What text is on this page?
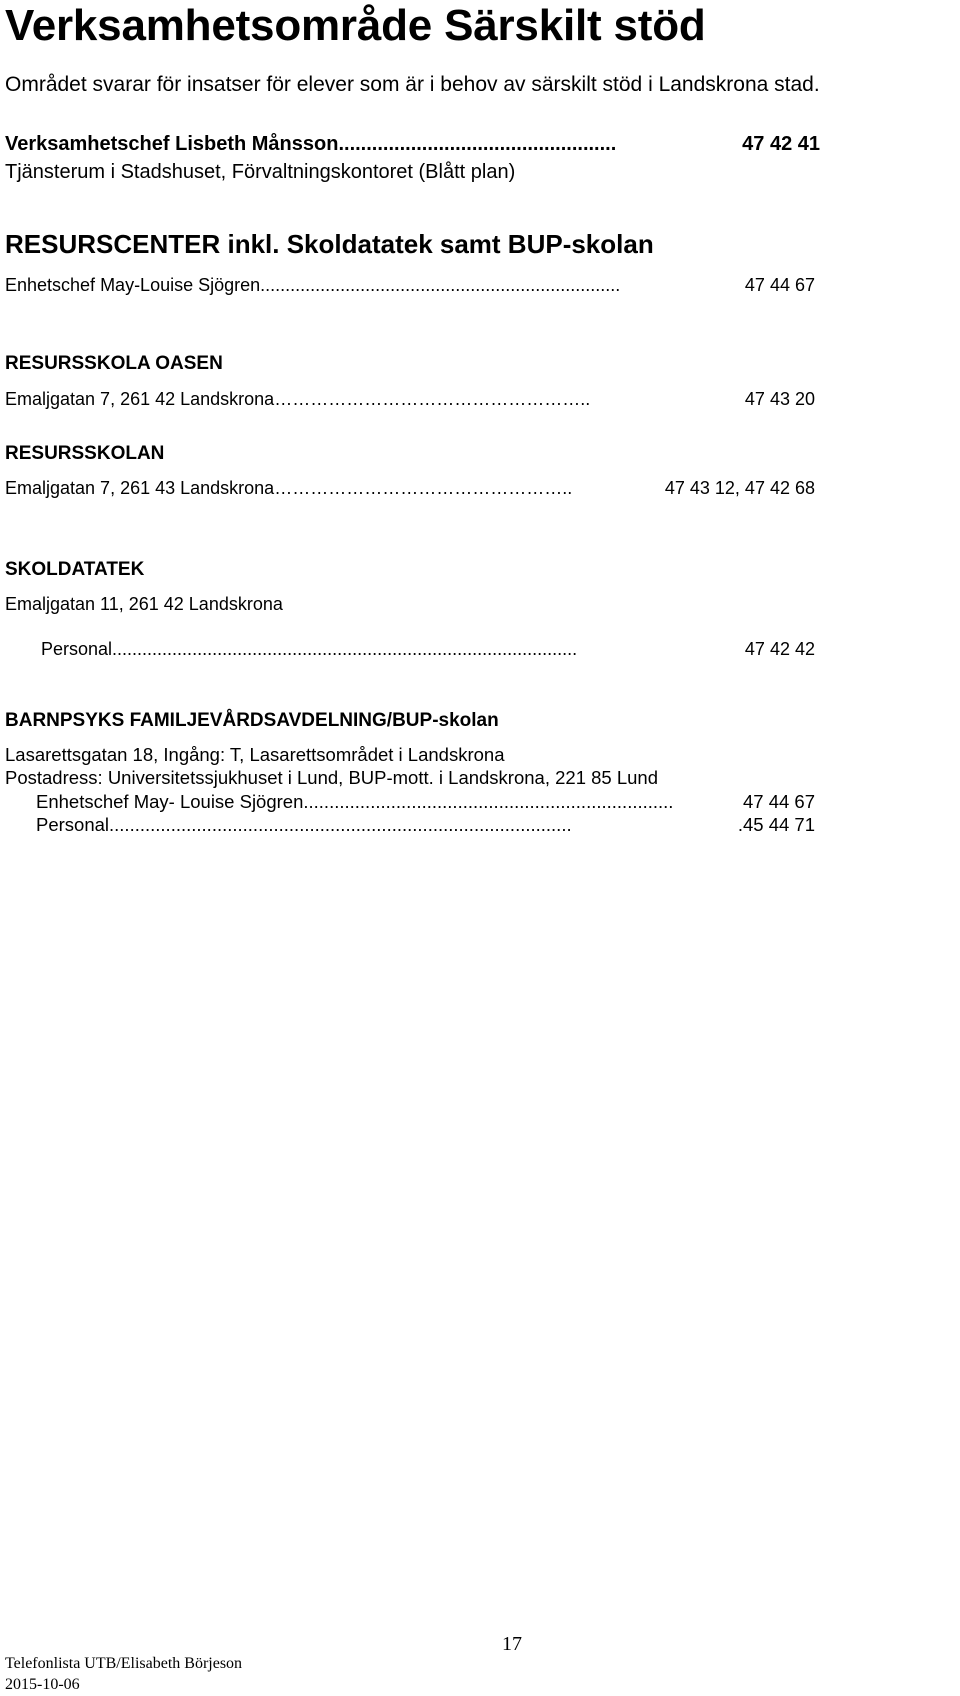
Verksamhetsområde Särskilt stöd
Området svarar för insatser för elever som är i behov av särskilt stöd i Landskrona stad.
Verksamhetschef Lisbeth Månsson ..................................................	47 42 41
Tjänsterum i Stadshuset, Förvaltningskontoret (Blått plan)
RESURSCENTER inkl. Skoldatatek samt BUP-skolan
Enhetschef May-Louise Sjögren ........................................................................	47 44 67
RESURSSKOLA OASEN
Emaljgatan 7, 261 42 Landskrona ……………………………………………..	47 43 20
RESURSSKOLAN
Emaljgatan 7, 261 43 Landskrona …………………………………………..	47 43 12, 47 42 68
SKOLDATATEK
Emaljgatan 11, 261 42 Landskrona
Personal .............................................................................................	47 42 42
BARNPSYKS FAMILJEVÅRDSAVDELNING/BUP-skolan
Lasarettsgatan 18, Ingång: T, Lasarettsområdet i Landskrona
Postadress: Universitetssjukhuset i Lund, BUP-mott. i Landskrona, 221 85 Lund
Enhetschef May- Louise Sjögren ........................................................................	47 44 67
Personal ..........................................................................................	.45 44 71
17
Telefonlista UTB/Elisabeth Börjeson
2015-10-06
